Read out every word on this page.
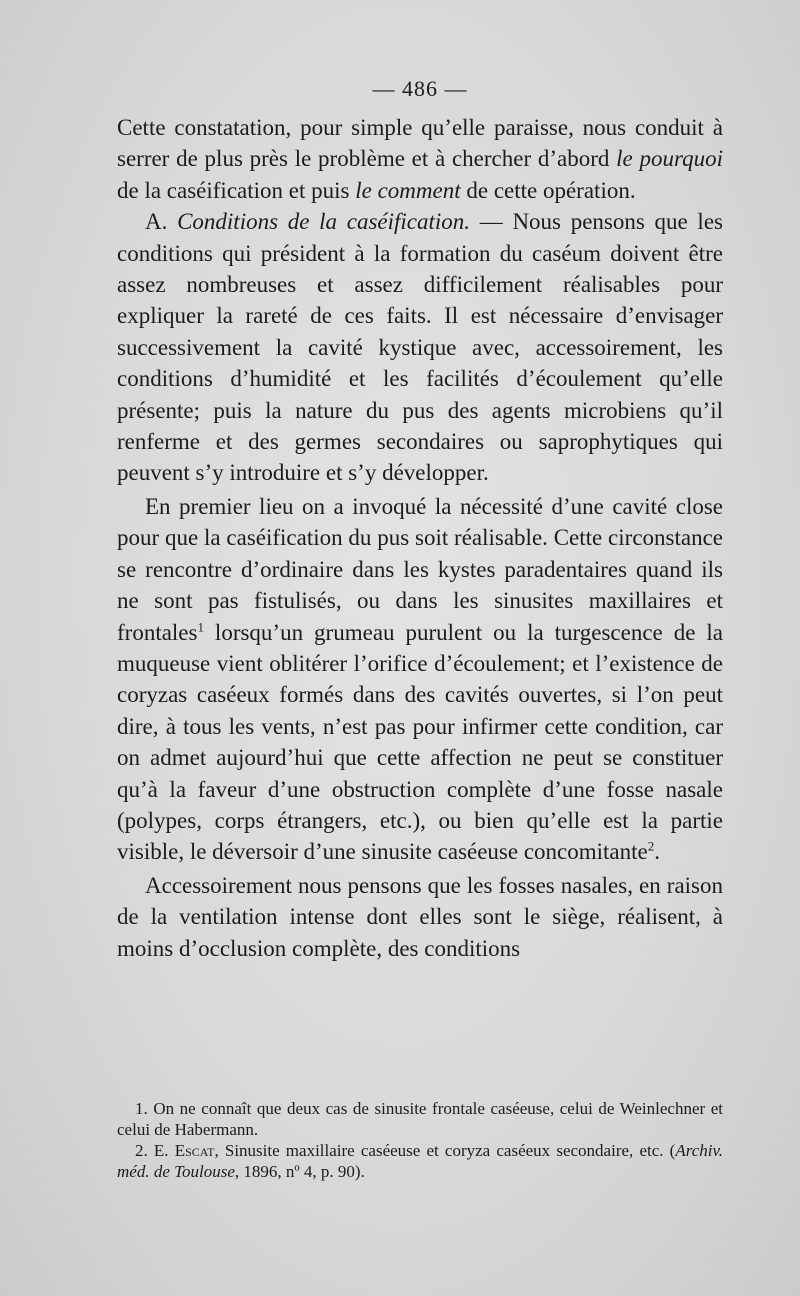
— 486 —

Cette constatation, pour simple qu’elle paraisse, nous conduit à serrer de plus près le problème et à chercher d’abord le pourquoi de la caséification et puis le comment de cette opération.

A. Conditions de la caséification. — Nous pensons que les conditions qui président à la formation du caséum doivent être assez nombreuses et assez difficilement réalisables pour expliquer la rareté de ces faits. Il est nécessaire d’envisager successivement la cavité kystique avec, accessoirement, les conditions d’humidité et les facilités d’écoulement qu’elle présente; puis la nature du pus des agents microbiens qu’il renferme et des germes secondaires ou saprophytiques qui peuvent s’y introduire et s’y développer.

En premier lieu on a invoqué la nécessité d’une cavité close pour que la caséification du pus soit réalisable. Cette circonstance se rencontre d’ordinaire dans les kystes paradentaires quand ils ne sont pas fistulisés, ou dans les sinusites maxillaires et frontales$^1$ lorsqu’un grumeau purulent ou la turgescence de la muqueuse vient oblitérer l’orifice d’écoulement; et l’existence de coryzas caséeux formés dans des cavités ouvertes, si l’on peut dire, à tous les vents, n’est pas pour infirmer cette condition, car on admet aujourd’hui que cette affection ne peut se constituer qu’à la faveur d’une obstruction complète d’une fosse nasale (polypes, corps étrangers, etc.), ou bien qu’elle est la partie visible, le déversoir d’une sinusite caséeuse concomitante$^2$.

Accessoirement nous pensons que les fosses nasales, en raison de la ventilation intense dont elles sont le siège, réalisent, à moins d’occlusion complète, des conditions

1. On ne connaît que deux cas de sinusite frontale caséeuse, celui de Weinlechner et celui de Habermann.

2. E. Escat, Sinusite maxillaire caséeuse et coryza caséeux secondaire, etc. (Archiv. méd. de Toulouse, 1896, nº 4, p. 90).
